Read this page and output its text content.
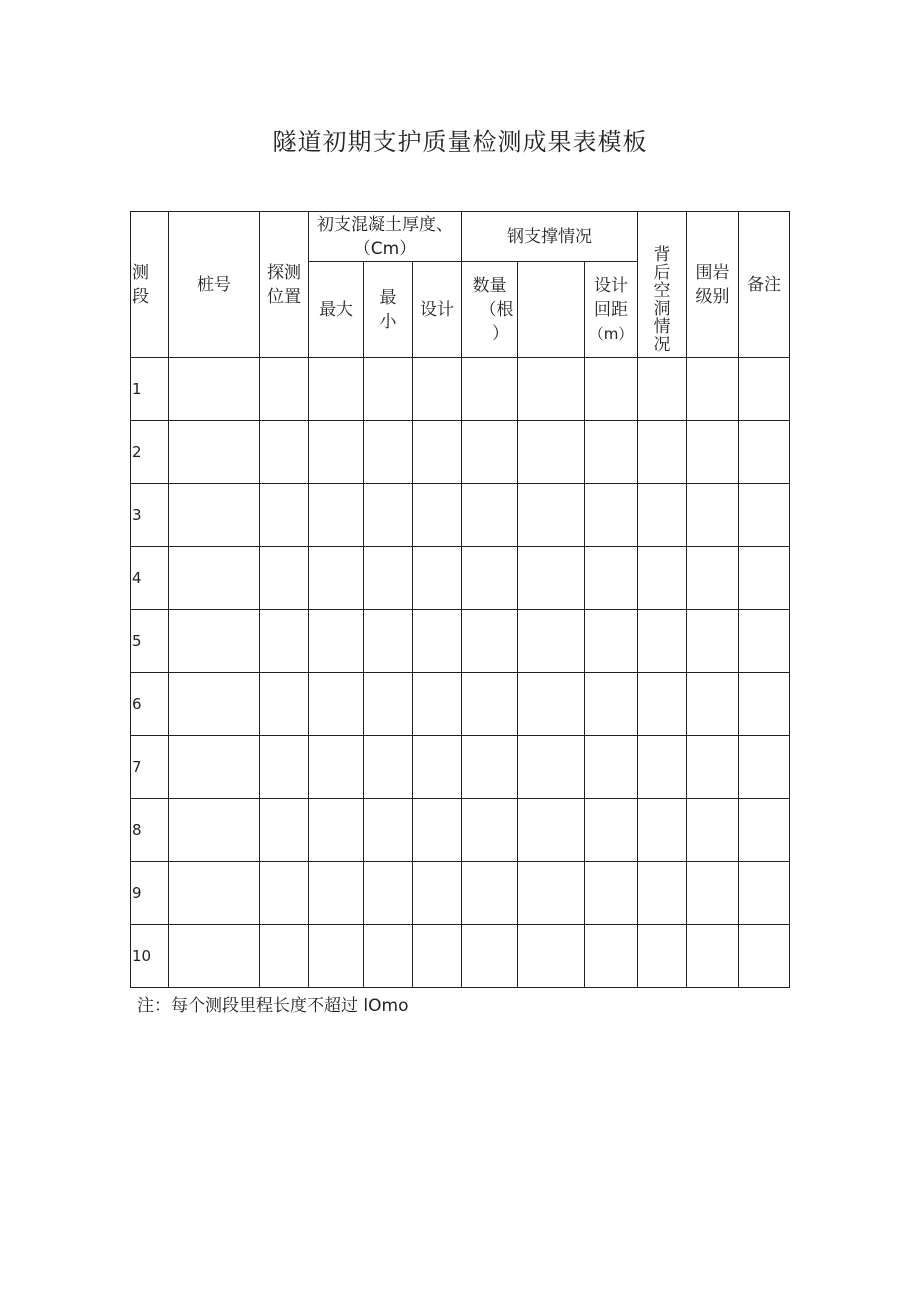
隧道初期支护质量检测成果表模板
测
段
桩号
探测
位置
初支混凝土厚度、
（Cm）
最大
最
小
设计
钢支撑情况
数量
（根
）
设计
回距
（m）
背
后
空
洞
情
况
围岩
级别
备注
1
2
3
4
5
6
7
8
9
10
注：每个测段里程长度不超过 lOmo
